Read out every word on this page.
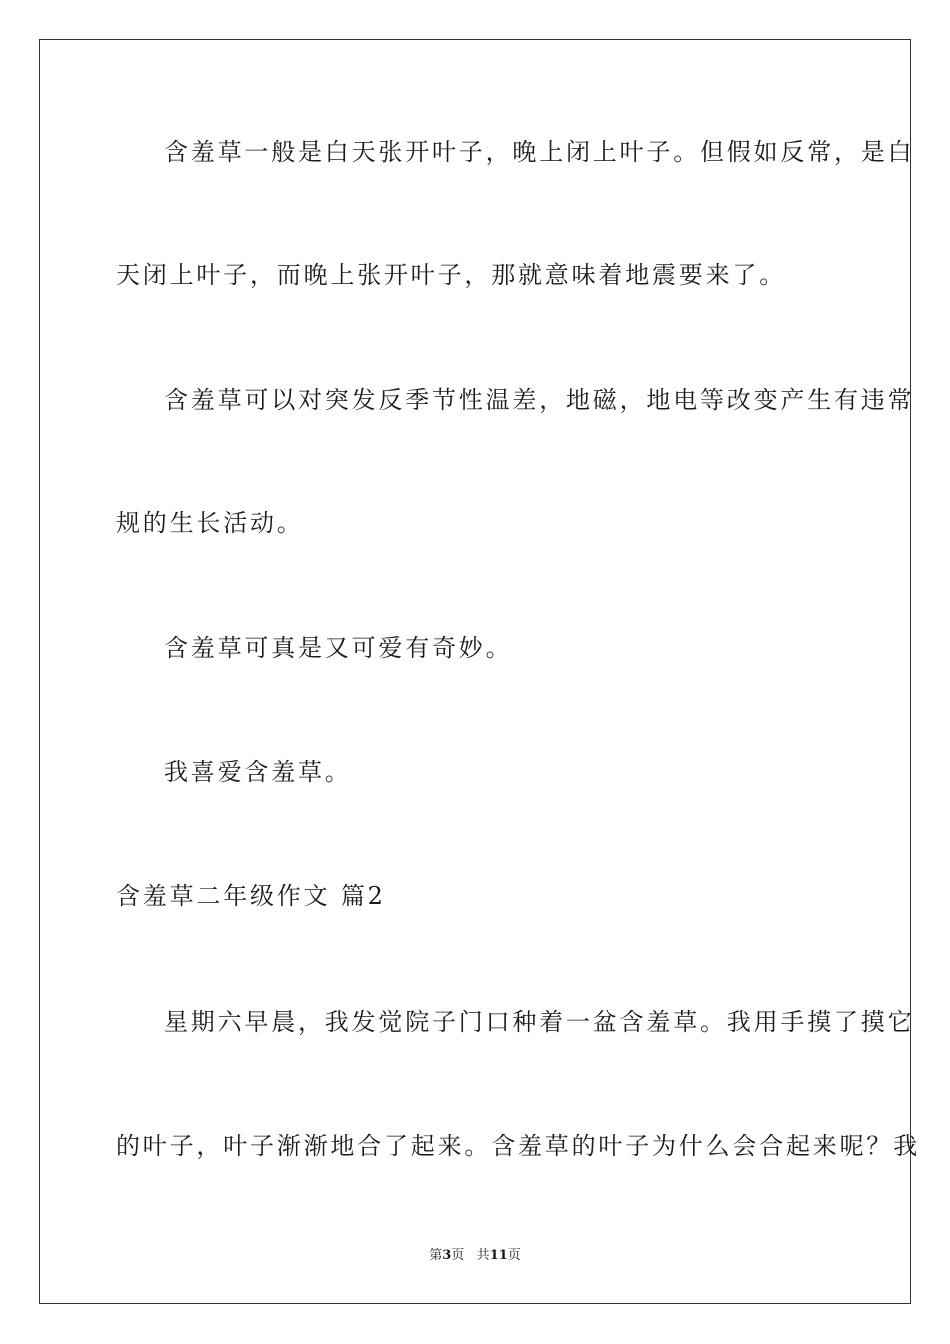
含羞草一般是白天张开叶子，晚上闭上叶子。但假如反常，是白
天闭上叶子，而晚上张开叶子，那就意味着地震要来了。
含羞草可以对突发反季节性温差，地磁，地电等改变产生有违常
规的生长活动。
含羞草可真是又可爱有奇妙。
我喜爱含羞草。
含羞草二年级作文 篇2
星期六早晨，我发觉院子门口种着一盆含羞草。我用手摸了摸它
的叶子，叶子渐渐地合了起来。含羞草的叶子为什么会合起来呢？我
第3页 共11页
